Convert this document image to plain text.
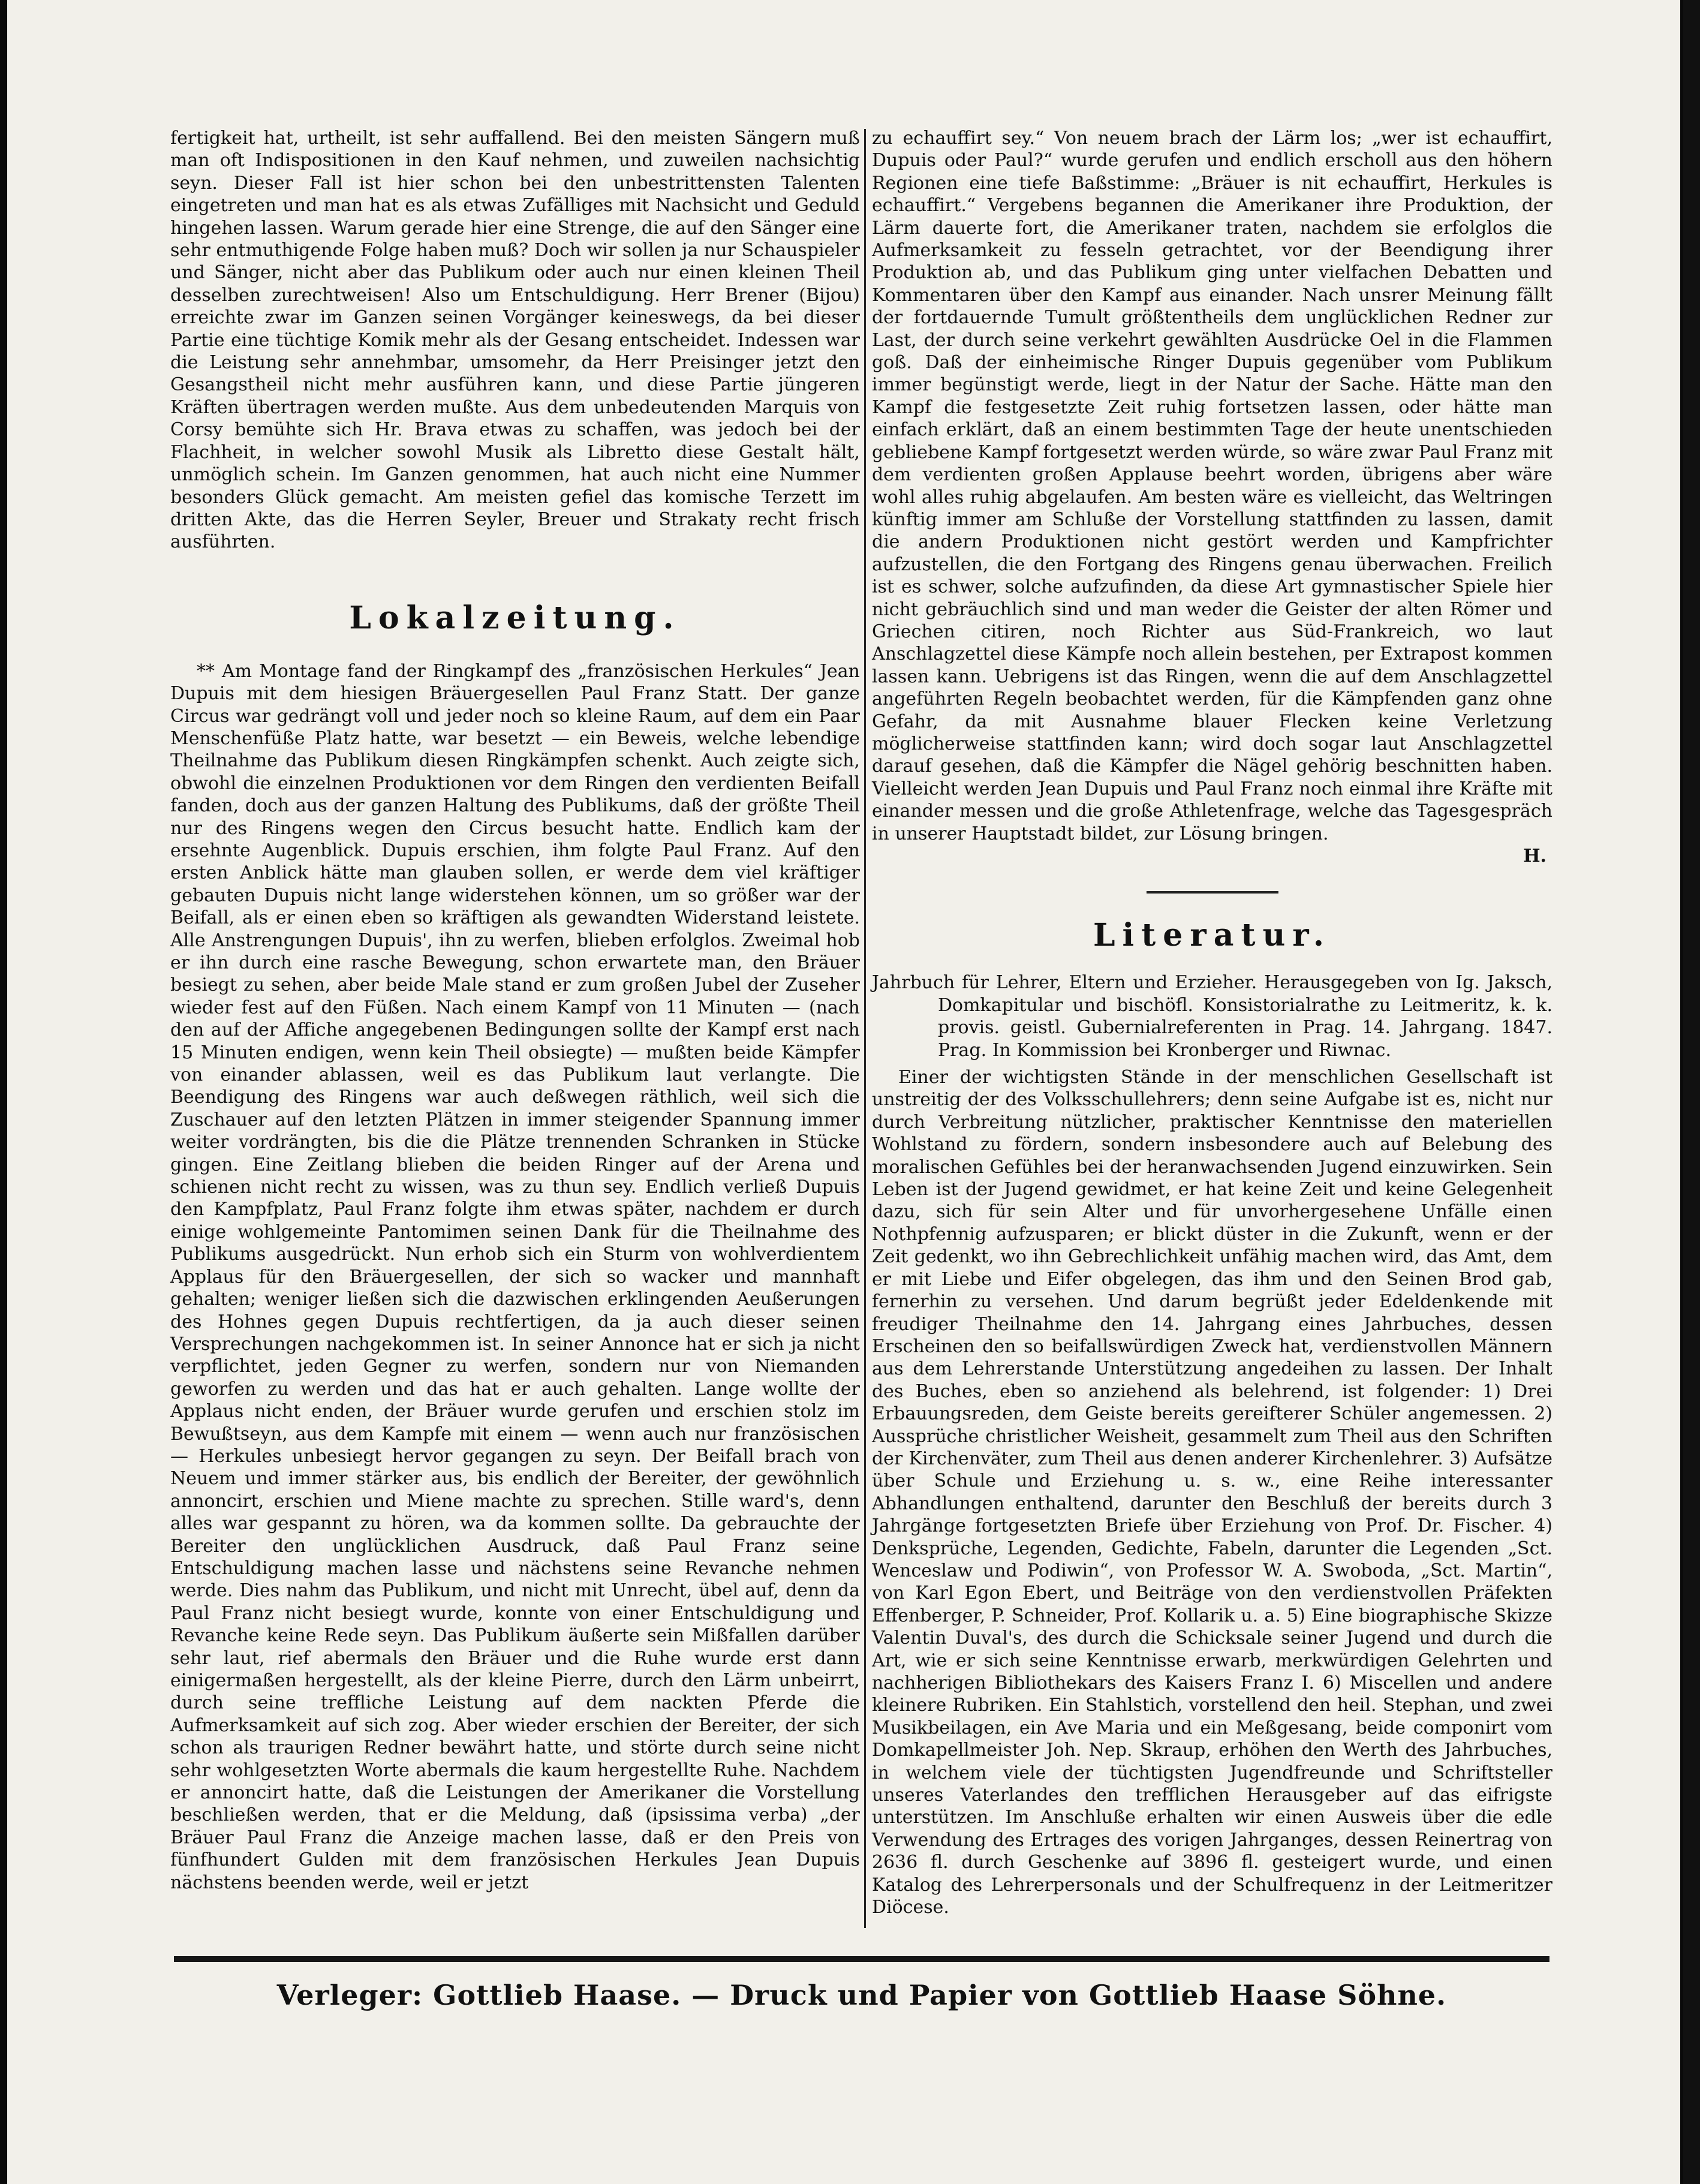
fertigkeit hat, urtheilt, ist sehr auffallend. Bei den meisten Sängern muß man oft Indispositionen in den Kauf nehmen, und zuweilen nachsichtig seyn. Dieser Fall ist hier schon bei den unbestrittensten Talenten eingetreten und man hat es als etwas Zufälliges mit Nachsicht und Geduld hingehen lassen. Warum gerade hier eine Strenge, die auf den Sänger eine sehr entmuthigende Folge haben muß? Doch wir sollen ja nur Schauspieler und Sänger, nicht aber das Publikum oder auch nur einen kleinen Theil desselben zurechtweisen! Also um Entschuldigung. Herr Brener (Bijou) erreichte zwar im Ganzen seinen Vorgänger keineswegs, da bei dieser Partie eine tüchtige Komik mehr als der Gesang entscheidet. Indessen war die Leistung sehr annehmbar, umsomehr, da Herr Preisinger jetzt den Gesangstheil nicht mehr ausführen kann, und diese Partie jüngeren Kräften übertragen werden mußte. Aus dem unbedeutenden Marquis von Corsy bemühte sich Hr. Brava etwas zu schaffen, was jedoch bei der Flachheit, in welcher sowohl Musik als Libretto diese Gestalt hält, unmöglich schein. Im Ganzen genommen, hat auch nicht eine Nummer besonders Glück gemacht. Am meisten gefiel das komische Terzett im dritten Akte, das die Herren Seyler, Breuer und Strakaty recht frisch ausführten.

Lokalzeitung.

** Am Montage fand der Ringkampf des „französischen Herkules“ Jean Dupuis mit dem hiesigen Bräuergesellen Paul Franz Statt. Der ganze Circus war gedrängt voll und jeder noch so kleine Raum, auf dem ein Paar Menschenfüße Platz hatte, war besetzt — ein Beweis, welche lebendige Theilnahme das Publikum diesen Ringkämpfen schenkt. Auch zeigte sich, obwohl die einzelnen Produktionen vor dem Ringen den verdienten Beifall fanden, doch aus der ganzen Haltung des Publikums, daß der größte Theil nur des Ringens wegen den Circus besucht hatte. Endlich kam der ersehnte Augenblick. Dupuis erschien, ihm folgte Paul Franz. Auf den ersten Anblick hätte man glauben sollen, er werde dem viel kräftiger gebauten Dupuis nicht lange widerstehen können, um so größer war der Beifall, als er einen eben so kräftigen als gewandten Widerstand leistete. Alle Anstrengungen Dupuis', ihn zu werfen, blieben erfolglos. Zweimal hob er ihn durch eine rasche Bewegung, schon erwartete man, den Bräuer besiegt zu sehen, aber beide Male stand er zum großen Jubel der Zuseher wieder fest auf den Füßen. Nach einem Kampf von 11 Minuten — (nach den auf der Affiche angegebenen Bedingungen sollte der Kampf erst nach 15 Minuten endigen, wenn kein Theil obsiegte) — mußten beide Kämpfer von einander ablassen, weil es das Publikum laut verlangte. Die Beendigung des Ringens war auch deßwegen räthlich, weil sich die Zuschauer auf den letzten Plätzen in immer steigender Spannung immer weiter vordrängten, bis die die Plätze trennenden Schranken in Stücke gingen. Eine Zeitlang blieben die beiden Ringer auf der Arena und schienen nicht recht zu wissen, was zu thun sey. Endlich verließ Dupuis den Kampfplatz, Paul Franz folgte ihm etwas später, nachdem er durch einige wohlgemeinte Pantomimen seinen Dank für die Theilnahme des Publikums ausgedrückt. Nun erhob sich ein Sturm von wohlverdientem Applaus für den Bräuergesellen, der sich so wacker und mannhaft gehalten; weniger ließen sich die dazwischen erklingenden Aeußerungen des Hohnes gegen Dupuis rechtfertigen, da ja auch dieser seinen Versprechungen nachgekommen ist. In seiner Annonce hat er sich ja nicht verpflichtet, jeden Gegner zu werfen, sondern nur von Niemanden geworfen zu werden und das hat er auch gehalten. Lange wollte der Applaus nicht enden, der Bräuer wurde gerufen und erschien stolz im Bewußtseyn, aus dem Kampfe mit einem — wenn auch nur französischen — Herkules unbesiegt hervor gegangen zu seyn. Der Beifall brach von Neuem und immer stärker aus, bis endlich der Bereiter, der gewöhnlich annoncirt, erschien und Miene machte zu sprechen. Stille ward's, denn alles war gespannt zu hören, wa da kommen sollte. Da gebrauchte der Bereiter den unglücklichen Ausdruck, daß Paul Franz seine Entschuldigung machen lasse und nächstens seine Revanche nehmen werde. Dies nahm das Publikum, und nicht mit Unrecht, übel auf, denn da Paul Franz nicht besiegt wurde, konnte von einer Entschuldigung und Revanche keine Rede seyn. Das Publikum äußerte sein Mißfallen darüber sehr laut, rief abermals den Bräuer und die Ruhe wurde erst dann einigermaßen hergestellt, als der kleine Pierre, durch den Lärm unbeirrt, durch seine treffliche Leistung auf dem nackten Pferde die Aufmerksamkeit auf sich zog. Aber wieder erschien der Bereiter, der sich schon als traurigen Redner bewährt hatte, und störte durch seine nicht sehr wohlgesetzten Worte abermals die kaum hergestellte Ruhe. Nachdem er annoncirt hatte, daß die Leistungen der Amerikaner die Vorstellung beschließen werden, that er die Meldung, daß (ipsissima verba) „der Bräuer Paul Franz die Anzeige machen lasse, daß er den Preis von fünfhundert Gulden mit dem französischen Herkules Jean Dupuis nächstens beenden werde, weil er jetzt

zu echauffirt sey.“ Von neuem brach der Lärm los; „wer ist echauffirt, Dupuis oder Paul?“ wurde gerufen und endlich erscholl aus den höhern Regionen eine tiefe Baßstimme: „Bräuer is nit echauffirt, Herkules is echauffirt.“ Vergebens begannen die Amerikaner ihre Produktion, der Lärm dauerte fort, die Amerikaner traten, nachdem sie erfolglos die Aufmerksamkeit zu fesseln getrachtet, vor der Beendigung ihrer Produktion ab, und das Publikum ging unter vielfachen Debatten und Kommentaren über den Kampf aus einander. Nach unsrer Meinung fällt der fortdauernde Tumult größtentheils dem unglücklichen Redner zur Last, der durch seine verkehrt gewählten Ausdrücke Oel in die Flammen goß. Daß der einheimische Ringer Dupuis gegenüber vom Publikum immer begünstigt werde, liegt in der Natur der Sache. Hätte man den Kampf die festgesetzte Zeit ruhig fortsetzen lassen, oder hätte man einfach erklärt, daß an einem bestimmten Tage der heute unentschieden gebliebene Kampf fortgesetzt werden würde, so wäre zwar Paul Franz mit dem verdienten großen Applause beehrt worden, übrigens aber wäre wohl alles ruhig abgelaufen. Am besten wäre es vielleicht, das Weltringen künftig immer am Schluße der Vorstellung stattfinden zu lassen, damit die andern Produktionen nicht gestört werden und Kampfrichter aufzustellen, die den Fortgang des Ringens genau überwachen. Freilich ist es schwer, solche aufzufinden, da diese Art gymnastischer Spiele hier nicht gebräuchlich sind und man weder die Geister der alten Römer und Griechen citiren, noch Richter aus Süd-Frankreich, wo laut Anschlagzettel diese Kämpfe noch allein bestehen, per Extrapost kommen lassen kann. Uebrigens ist das Ringen, wenn die auf dem Anschlagzettel angeführten Regeln beobachtet werden, für die Kämpfenden ganz ohne Gefahr, da mit Ausnahme blauer Flecken keine Verletzung möglicherweise stattfinden kann; wird doch sogar laut Anschlagzettel darauf gesehen, daß die Kämpfer die Nägel gehörig beschnitten haben. Vielleicht werden Jean Dupuis und Paul Franz noch einmal ihre Kräfte mit einander messen und die große Athletenfrage, welche das Tagesgespräch in unserer Hauptstadt bildet, zur Lösung bringen.

H.

Literatur.

Jahrbuch für Lehrer, Eltern und Erzieher. Herausgegeben von Ig. Jaksch, Domkapitular und bischöfl. Konsistorialrathe zu Leitmeritz, k. k. provis. geistl. Gubernialreferenten in Prag. 14. Jahrgang. 1847. Prag. In Kommission bei Kronberger und Riwnac.

Einer der wichtigsten Stände in der menschlichen Gesellschaft ist unstreitig der des Volksschullehrers; denn seine Aufgabe ist es, nicht nur durch Verbreitung nützlicher, praktischer Kenntnisse den materiellen Wohlstand zu fördern, sondern insbesondere auch auf Belebung des moralischen Gefühles bei der heranwachsenden Jugend einzuwirken. Sein Leben ist der Jugend gewidmet, er hat keine Zeit und keine Gelegenheit dazu, sich für sein Alter und für unvorhergesehene Unfälle einen Nothpfennig aufzusparen; er blickt düster in die Zukunft, wenn er der Zeit gedenkt, wo ihn Gebrechlichkeit unfähig machen wird, das Amt, dem er mit Liebe und Eifer obgelegen, das ihm und den Seinen Brod gab, fernerhin zu versehen. Und darum begrüßt jeder Edeldenkende mit freudiger Theilnahme den 14. Jahrgang eines Jahrbuches, dessen Erscheinen den so beifallswürdigen Zweck hat, verdienstvollen Männern aus dem Lehrerstande Unterstützung angedeihen zu lassen. Der Inhalt des Buches, eben so anziehend als belehrend, ist folgender: 1) Drei Erbauungsreden, dem Geiste bereits gereifterer Schüler angemessen. 2) Aussprüche christlicher Weisheit, gesammelt zum Theil aus den Schriften der Kirchenväter, zum Theil aus denen anderer Kirchenlehrer. 3) Aufsätze über Schule und Erziehung u. s. w., eine Reihe interessanter Abhandlungen enthaltend, darunter den Beschluß der bereits durch 3 Jahrgänge fortgesetzten Briefe über Erziehung von Prof. Dr. Fischer. 4) Denksprüche, Legenden, Gedichte, Fabeln, darunter die Legenden „Sct. Wenceslaw und Podiwin“, von Professor W. A. Swoboda, „Sct. Martin“, von Karl Egon Ebert, und Beiträge von den verdienstvollen Präfekten Effenberger, P. Schneider, Prof. Kollarik u. a. 5) Eine biographische Skizze Valentin Duval's, des durch die Schicksale seiner Jugend und durch die Art, wie er sich seine Kenntnisse erwarb, merkwürdigen Gelehrten und nachherigen Bibliothekars des Kaisers Franz I. 6) Miscellen und andere kleinere Rubriken. Ein Stahlstich, vorstellend den heil. Stephan, und zwei Musikbeilagen, ein Ave Maria und ein Meßgesang, beide componirt vom Domkapellmeister Joh. Nep. Skraup, erhöhen den Werth des Jahrbuches, in welchem viele der tüchtigsten Jugendfreunde und Schriftsteller unseres Vaterlandes den trefflichen Herausgeber auf das eifrigste unterstützen. Im Anschluße erhalten wir einen Ausweis über die edle Verwendung des Ertrages des vorigen Jahrganges, dessen Reinertrag von 2636 fl. durch Geschenke auf 3896 fl. gesteigert wurde, und einen Katalog des Lehrerpersonals und der Schulfrequenz in der Leitmeritzer Diöcese.

Verleger: Gottlieb Haase. — Druck und Papier von Gottlieb Haase Söhne.
